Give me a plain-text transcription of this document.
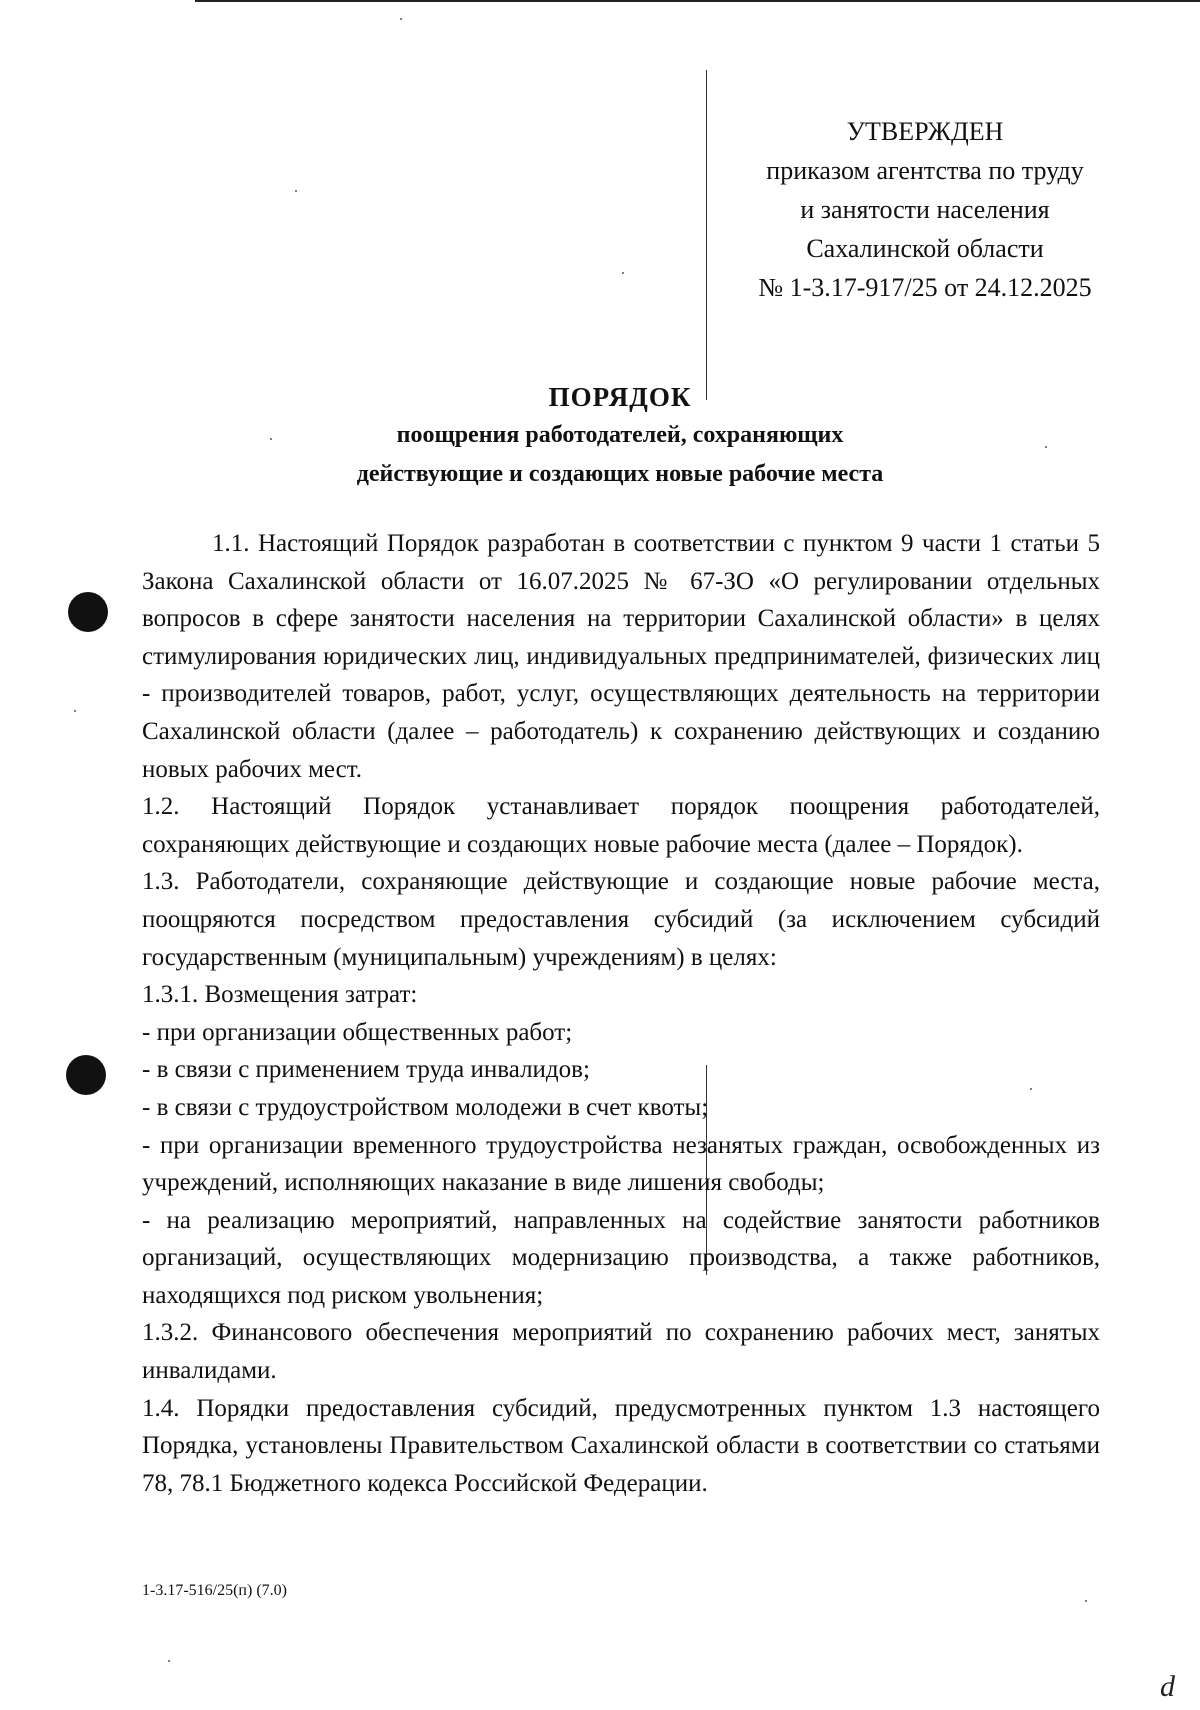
УТВЕРЖДЕН
приказом агентства по труду
и занятости населения
Сахалинской области
№ 1-3.17-917/25 от 24.12.2025
ПОРЯДОК
поощрения работодателей, сохраняющих
действующие и создающих новые рабочие места

1.1. Настоящий Порядок разработан в соответствии с пунктом 9 части 1 статьи 5 Закона Сахалинской области от 16.07.2025 № 67-ЗО «О регулировании отдельных вопросов в сфере занятости населения на территории Сахалинской области» в целях стимулирования юридических лиц, индивидуальных предпринимателей, физических лиц - производителей товаров, работ, услуг, осуществляющих деятельность на территории Сахалинской области (далее – работодатель) к сохранению действующих и созданию новых рабочих мест.

1.2. Настоящий Порядок устанавливает порядок поощрения работодателей, сохраняющих действующие и создающих новые рабочие места (далее – Порядок).

1.3. Работодатели, сохраняющие действующие и создающие новые рабочие места, поощряются посредством предоставления субсидий (за исключением субсидий государственным (муниципальным) учреждениям) в целях:

1.3.1. Возмещения затрат:

- при организации общественных работ;

- в связи с применением труда инвалидов;

- в связи с трудоустройством молодежи в счет квоты;

- при организации временного трудоустройства незанятых граждан, освобожденных из учреждений, исполняющих наказание в виде лишения свободы;

- на реализацию мероприятий, направленных на содействие занятости работников организаций, осуществляющих модернизацию производства, а также работников, находящихся под риском увольнения;

1.3.2. Финансового обеспечения мероприятий по сохранению рабочих мест, занятых инвалидами.

1.4. Порядки предоставления субсидий, предусмотренных пунктом 1.3 настоящего Порядка, установлены Правительством Сахалинской области в соответствии со статьями 78, 78.1 Бюджетного кодекса Российской Федерации.

1-3.17-516/25(п) (7.0)
d
